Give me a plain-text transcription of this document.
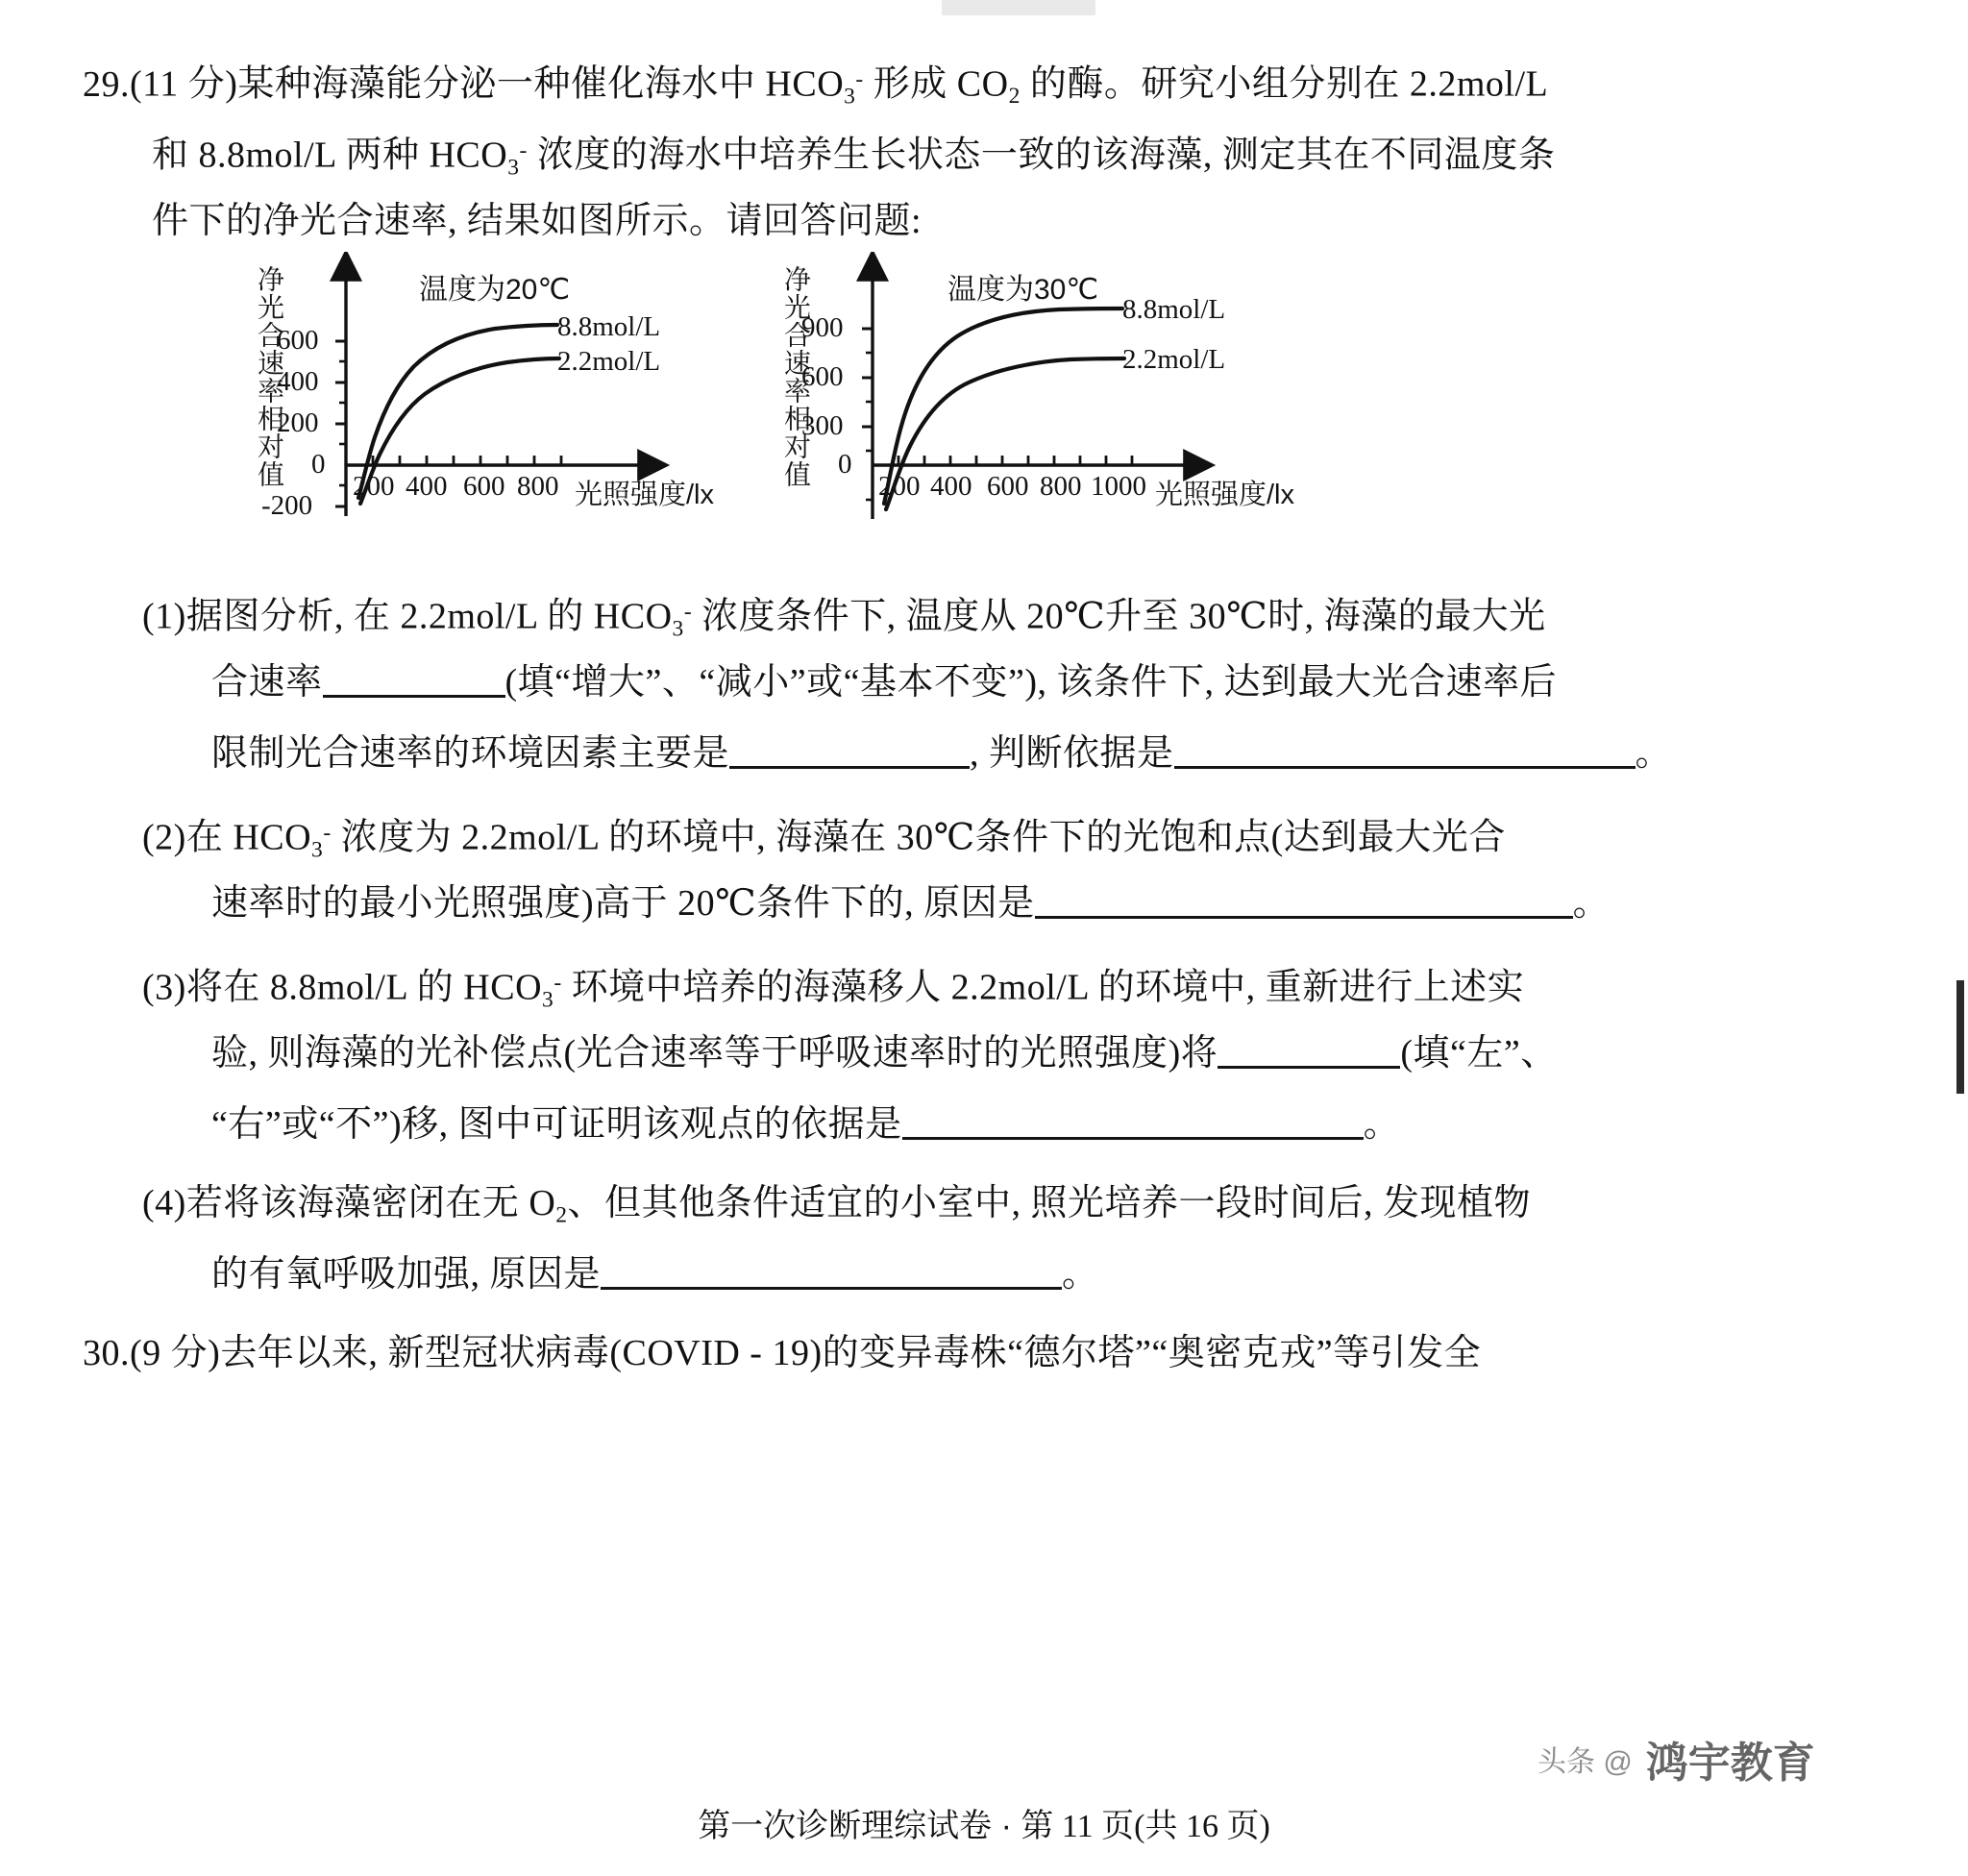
29.(11 分)某种海藻能分泌一种催化海水中 $HCO_3^-$ 形成 $CO_2$ 的酶。研究小组分别在 2.2mol/L
和 8.8mol/L 两种 $HCO_3^-$ 浓度的海水中培养生长状态一致的该海藻, 测定其在不同温度条
件下的净光合速率, 结果如图所示。请回答问题:
温度为20℃
净光合速率相对值
600
400
200
0
-200
200 400 600 800 光照强度/lx
8.8mol/L
2.2mol/L
温度为30℃
净光合速率相对值
900
600
300
0
200 400 600 800 1000 光照强度/lx
8.8mol/L
2.2mol/L
(1)据图分析, 在 2.2mol/L 的 $HCO_3^-$ 浓度条件下, 温度从 20℃升至 30℃时, 海藻的最大光
合速率	(填“增大”、“减小”或“基本不变”), 该条件下, 达到最大光合速率后
限制光合速率的环境因素主要是	, 判断依据是	。
(2)在 $HCO_3^-$ 浓度为 2.2mol/L 的环境中, 海藻在 30℃条件下的光饱和点(达到最大光合
速率时的最小光照强度)高于 20℃条件下的, 原因是	。
(3)将在 8.8mol/L 的 $HCO_3^-$ 环境中培养的海藻移人 2.2mol/L 的环境中, 重新进行上述实
验, 则海藻的光补偿点(光合速率等于呼吸速率时的光照强度)将	(填“左”、
“右”或“不”)移, 图中可证明该观点的依据是	。
(4)若将该海藻密闭在无 $O_2$、但其他条件适宜的小室中, 照光培养一段时间后, 发现植物
的有氧呼吸加强, 原因是	。
30.(9 分)去年以来, 新型冠状病毒(COVID - 19)的变异毒株“德尔塔”“奥密克戎”等引发全
头条 @ 鸿宇教育
第一次诊断理综试卷 · 第 11 页(共 16 页)
